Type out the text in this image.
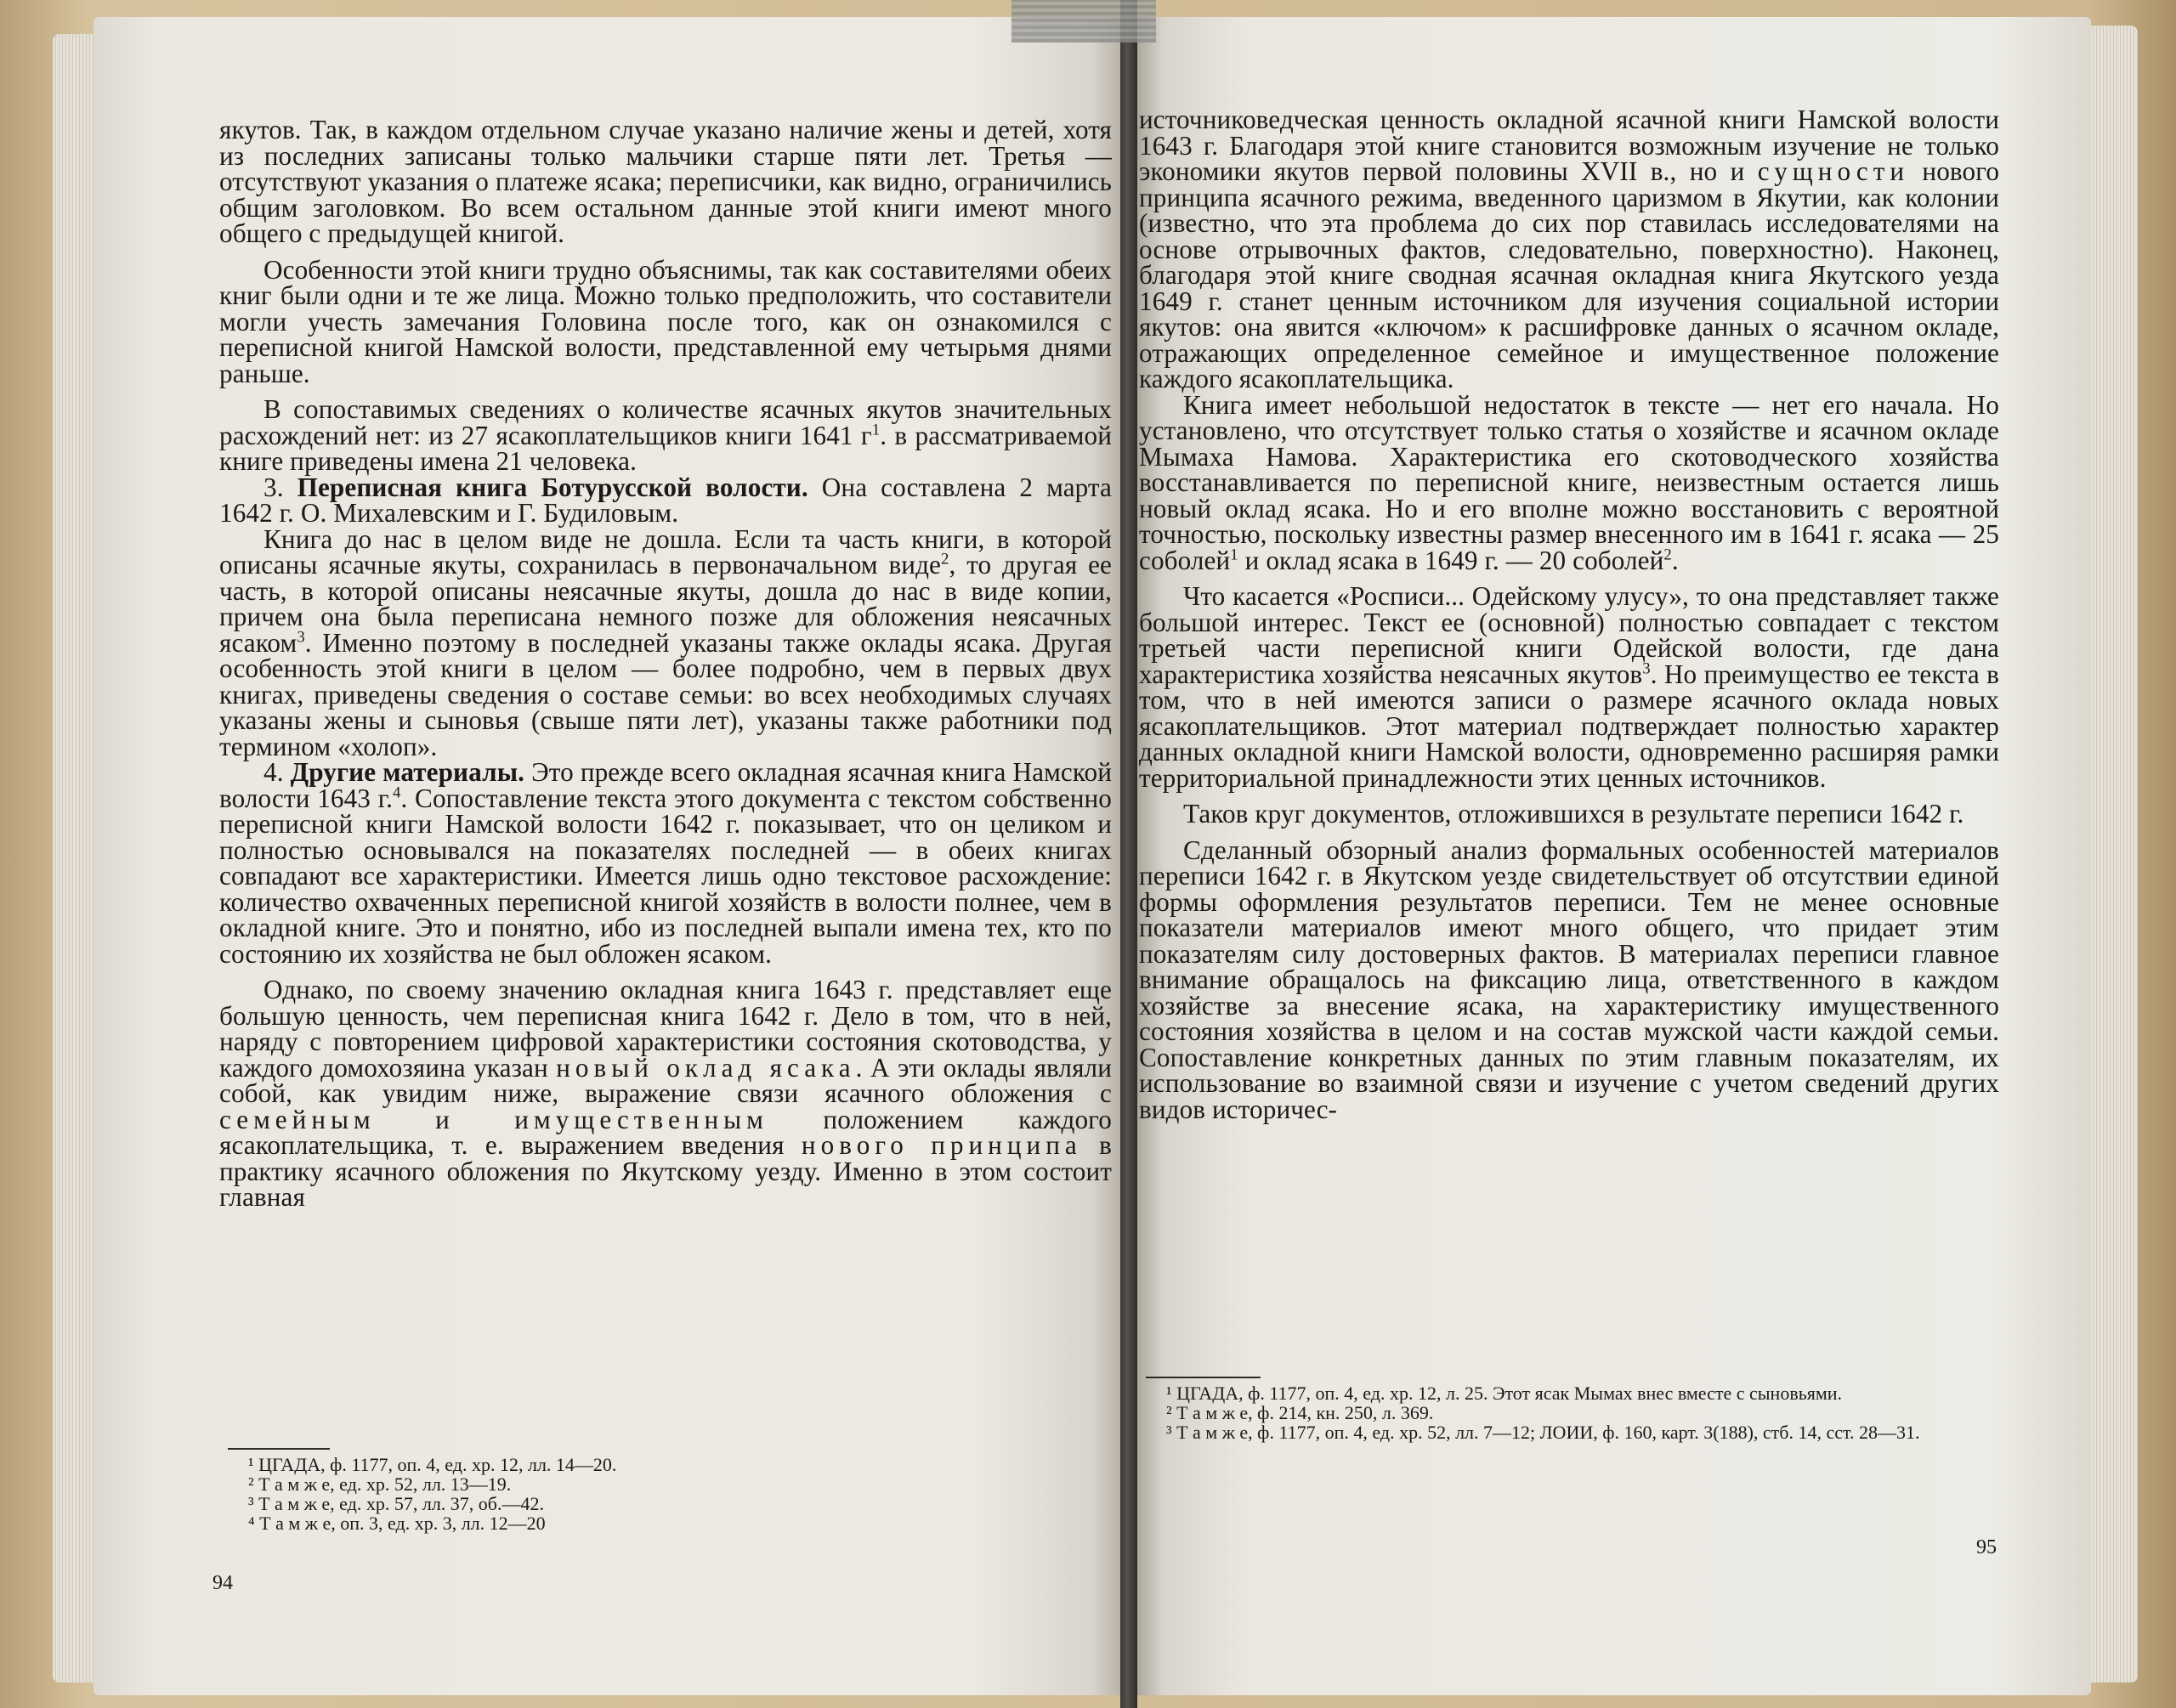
якутов. Так, в каждом отдельном случае указано наличие жены и детей, хотя из последних записаны только мальчики старше пяти лет. Третья — отсутствуют указания о платеже ясака; переписчики, как видно, ограничились общим заголовком. Во всем остальном данные этой книги имеют много общего с предыдущей книгой.

Особенности этой книги трудно объяснимы, так как составителями обеих книг были одни и те же лица. Можно только предположить, что составители могли учесть замечания Головина после того, как он ознакомился с переписной книгой Намской волости, представленной ему четырьмя днями раньше.

В сопоставимых сведениях о количестве ясачных якутов значительных расхождений нет: из 27 ясакоплательщиков книги 1641 $г^1$. в рассматриваемой книге приведены имена 21 человека.

3. Переписная книга Ботурусской волости. Она составлена 2 марта 1642 г. О. Михалевским и Г. Будиловым.

Книга до нас в целом виде не дошла. Если та часть книги, в которой описаны ясачные якуты, сохранилась в первоначальном виде$^2$, то другая ее часть, в которой описаны неясачные якуты, дошла до нас в виде копии, причем она была переписана немного позже для обложения неясачных ясаком$^3$. Именно поэтому в последней указаны также оклады ясака. Другая особенность этой книги в целом — более подробно, чем в первых двух книгах, приведены сведения о составе семьи: во всех необходимых случаях указаны жены и сыновья (свыше пяти лет), указаны также работники под термином «холоп».

4. Другие материалы. Это прежде всего окладная ясачная книга Намской волости 1643 г.$^4$. Сопоставление текста этого документа с текстом собственно переписной книги Намской волости 1642 г. показывает, что он целиком и полностью основывался на показателях последней — в обеих книгах совпадают все характеристики. Имеется лишь одно текстовое расхождение: количество охваченных переписной книгой хозяйств в волости полнее, чем в окладной книге. Это и понятно, ибо из последней выпали имена тех, кто по состоянию их хозяйства не был обложен ясаком.

Однако, по своему значению окладная книга 1643 г. представляет еще большую ценность, чем переписная книга 1642 г. Дело в том, что в ней, наряду с повторением цифровой характеристики состояния скотоводства, у каждого домохозяина указан новый оклад ясака. А эти оклады являли собой, как увидим ниже, выражение связи ясачного обложения с семейным и имущественным положением каждого ясакоплательщика, т. е. выражением введения нового принципа в практику ясачного обложения по Якутскому уезду. Именно в этом состоит главная

¹ ЦГАДА, ф. 1177, оп. 4, ед. хр. 12, лл. 14—20.

² Т а м ж е, ед. хр. 52, лл. 13—19.

³ Т а м ж е, ед. хр. 57, лл. 37, об.—42.

⁴ Т а м ж е, оп. 3, ед. хр. 3, лл. 12—20

94

источниковедческая ценность окладной ясачной книги Намской волости 1643 г. Благодаря этой книге становится возможным изучение не только экономики якутов первой половины XVII в., но и сущности нового принципа ясачного режима, введенного царизмом в Якутии, как колонии (известно, что эта проблема до сих пор ставилась исследователями на основе отрывочных фактов, следовательно, поверхностно). Наконец, благодаря этой книге сводная ясачная окладная книга Якутского уезда 1649 г. станет ценным источником для изучения социальной истории якутов: она явится «ключом» к расшифровке данных о ясачном окладе, отражающих определенное семейное и имущественное положение каждого ясакоплательщика.

Книга имеет небольшой недостаток в тексте — нет его начала. Но установлено, что отсутствует только статья о хозяйстве и ясачном окладе Мымаха Намова. Характеристика его скотоводческого хозяйства восстанавливается по переписной книге, неизвестным остается лишь новый оклад ясака. Но и его вполне можно восстановить с вероятной точностью, поскольку известны размер внесенного им в 1641 г. ясака — 25 соболей$^1$ и оклад ясака в 1649 г. — 20 соболей$^2$.

Что касается «Росписи... Одейскому улусу», то она представляет также большой интерес. Текст ее (основной) полностью совпадает с текстом третьей части переписной книги Одейской волости, где дана характеристика хозяйства неясачных якутов$^3$. Но преимущество ее текста в том, что в ней имеются записи о размере ясачного оклада новых ясакоплательщиков. Этот материал подтверждает полностью характер данных окладной книги Намской волости, одновременно расширяя рамки территориальной принадлежности этих ценных источников.

Таков круг документов, отложившихся в результате переписи 1642 г.

Сделанный обзорный анализ формальных особенностей материалов переписи 1642 г. в Якутском уезде свидетельствует об отсутствии единой формы оформления результатов переписи. Тем не менее основные показатели материалов имеют много общего, что придает этим показателям силу достоверных фактов. В материалах переписи главное внимание обращалось на фиксацию лица, ответственного в каждом хозяйстве за внесение ясака, на характеристику имущественного состояния хозяйства в целом и на состав мужской части каждой семьи. Сопоставление конкретных данных по этим главным показателям, их использование во взаимной связи и изучение с учетом сведений других видов историчес-

¹ ЦГАДА, ф. 1177, оп. 4, ед. хр. 12, л. 25. Этот ясак Мымах внес вместе с сыновьями.

² Т а м ж е, ф. 214, кн. 250, л. 369.

³ Т а м ж е, ф. 1177, оп. 4, ед. хр. 52, лл. 7—12; ЛОИИ, ф. 160, карт. 3(188), стб. 14, сст. 28—31.

95
